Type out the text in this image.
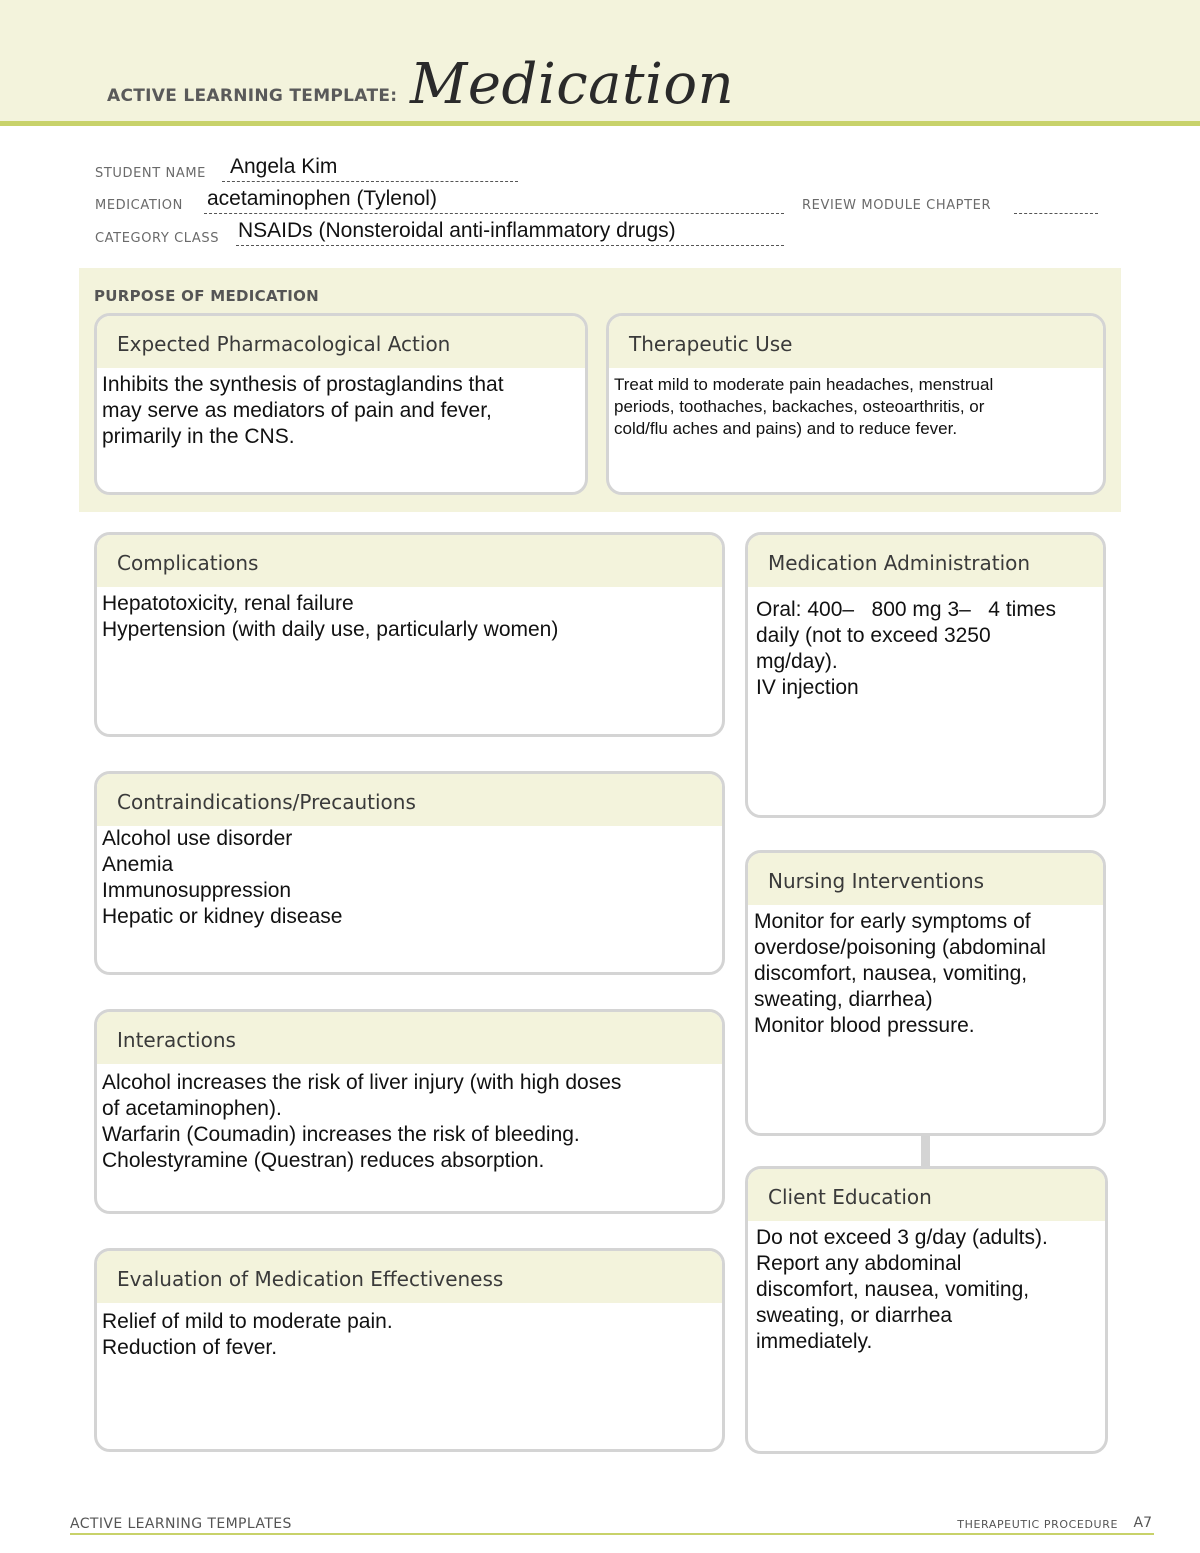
ACTIVE LEARNING TEMPLATE: Medication
STUDENT NAME Angela Kim
MEDICATION acetaminophen (Tylenol)	REVIEW MODULE CHAPTER
CATEGORY CLASS NSAIDs (Nonsteroidal anti-inflammatory drugs)
PURPOSE OF MEDICATION
Expected Pharmacological Action
Inhibits the synthesis of prostaglandins that
may serve as mediators of pain and fever,
primarily in the CNS.
Therapeutic Use
Treat mild to moderate pain headaches, menstrual
periods, toothaches, backaches, osteoarthritis, or
cold/flu aches and pains) and to reduce fever.
Complications
Hepatotoxicity, renal failure
Hypertension (with daily use, particularly women)
Contraindications/Precautions
Alcohol use disorder
Anemia
Immunosuppression
Hepatic or kidney disease
Interactions
Alcohol increases the risk of liver injury (with high doses
of acetaminophen).
Warfarin (Coumadin) increases the risk of bleeding.
Cholestyramine (Questran) reduces absorption.
Evaluation of Medication Effectiveness
Relief of mild to moderate pain.
Reduction of fever.
Medication Administration
Oral: 400–   800 mg 3–   4 times
daily (not to exceed 3250
mg/day).
IV injection
Nursing Interventions
Monitor for early symptoms of
overdose/poisoning (abdominal
discomfort, nausea, vomiting,
sweating, diarrhea)
Monitor blood pressure.
Client Education
Do not exceed 3 g/day (adults).
Report any abdominal
discomfort, nausea, vomiting,
sweating, or diarrhea
immediately.
ACTIVE LEARNING TEMPLATES	THERAPEUTIC PROCEDURE A7
